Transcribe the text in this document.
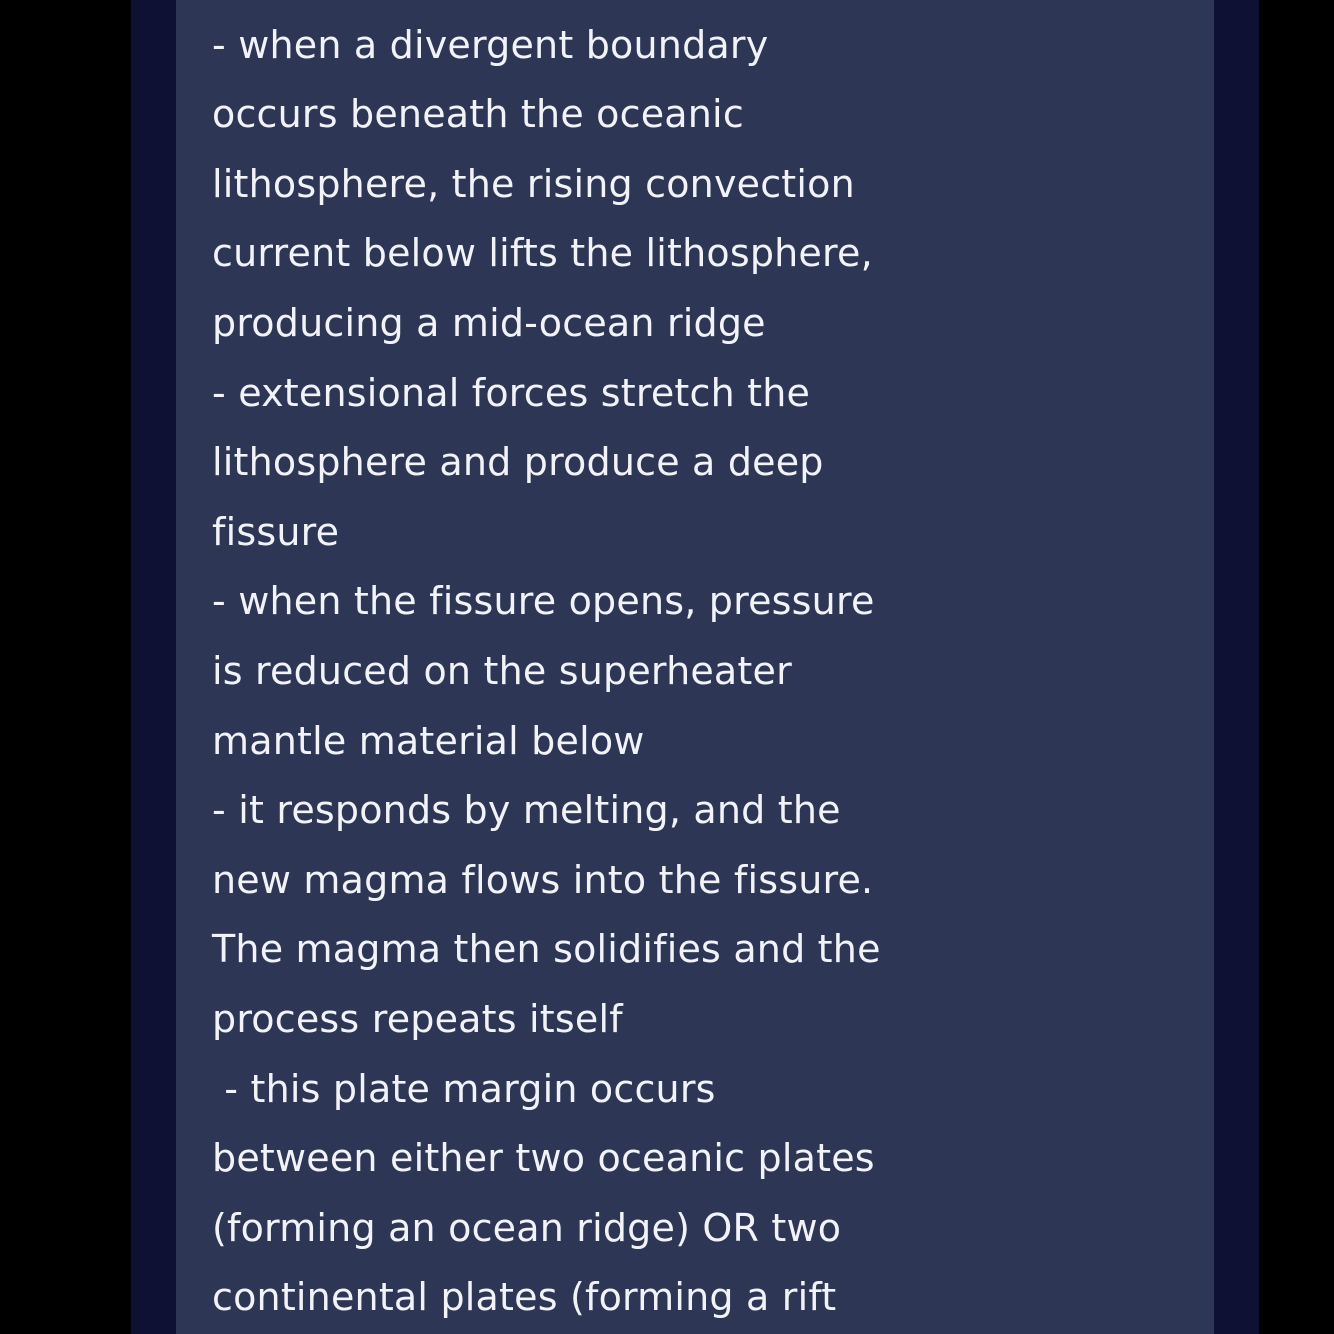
- when a divergent boundary
occurs beneath the oceanic
lithosphere, the rising convection
current below lifts the lithosphere,
producing a mid-ocean ridge
- extensional forces stretch the
lithosphere and produce a deep
fissure
- when the fissure opens, pressure
is reduced on the superheater
mantle material below
- it responds by melting, and the
new magma flows into the fissure.
The magma then solidifies and the
process repeats itself
- this plate margin occurs
between either two oceanic plates
(forming an ocean ridge) OR two
continental plates (forming a rift
